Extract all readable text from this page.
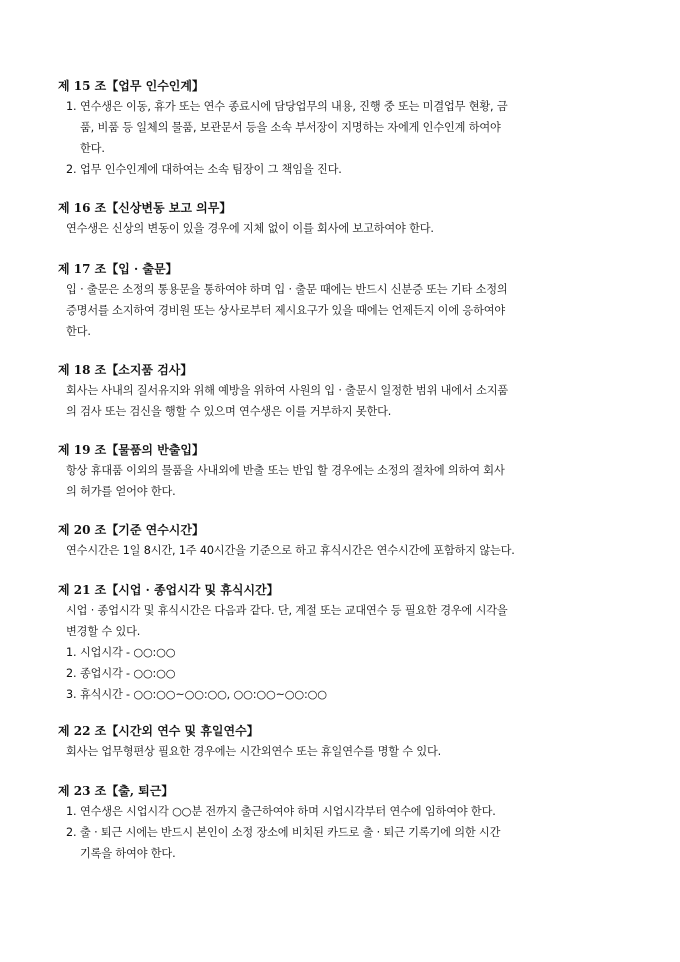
제 15 조【업무 인수인계】
1. 연수생은 이동, 휴가 또는 연수 종료시에 담당업무의 내용, 진행 중 또는 미결업무 현황, 금
품, 비품 등 일체의 물품, 보관문서 등을 소속 부서장이 지명하는 자에게 인수인계 하여야
한다.
2. 업무 인수인계에 대하여는 소속 팀장이 그 책임을 진다.
제 16 조【신상변동 보고 의무】
연수생은 신상의 변동이 있을 경우에 지체 없이 이를 회사에 보고하여야 한다.
제 17 조【입 · 출문】
입 · 출문은 소정의 통용문을 통하여야 하며 입 · 출문 때에는 반드시 신분증 또는 기타 소정의
증명서를 소지하여 경비원 또는 상사로부터 제시요구가 있을 때에는 언제든지 이에 응하여야
한다.
제 18 조【소지품 검사】
회사는 사내의 질서유지와 위해 예방을 위하여 사원의 입 · 출문시 일정한 범위 내에서 소지품
의 검사 또는 검신을 행할 수 있으며 연수생은 이를 거부하지 못한다.
제 19 조【물품의 반출입】
항상 휴대품 이외의 물품을 사내외에 반출 또는 반입 할 경우에는 소정의 절차에 의하여 회사
의 허가를 얻어야 한다.
제 20 조【기준 연수시간】
연수시간은 1일 8시간, 1주 40시간을 기준으로 하고 휴식시간은 연수시간에 포함하지 않는다.
제 21 조【시업 · 종업시각 및 휴식시간】
시업 · 종업시각 및 휴식시간은 다음과 같다. 단, 계절 또는 교대연수 등 필요한 경우에 시각을
변경할 수 있다.
1. 시업시각 - ○○:○○
2. 종업시각 - ○○:○○
3. 휴식시간 - ○○:○○~○○:○○, ○○:○○~○○:○○
제 22 조【시간외 연수 및 휴일연수】
회사는 업무형편상 필요한 경우에는 시간외연수 또는 휴일연수를 명할 수 있다.
제 23 조【출, 퇴근】
1. 연수생은 시업시각 ○○분 전까지 출근하여야 하며 시업시각부터 연수에 임하여야 한다.
2. 출 · 퇴근 시에는 반드시 본인이 소정 장소에 비치된 카드로 출 · 퇴근 기록기에 의한 시간
기록을 하여야 한다.
